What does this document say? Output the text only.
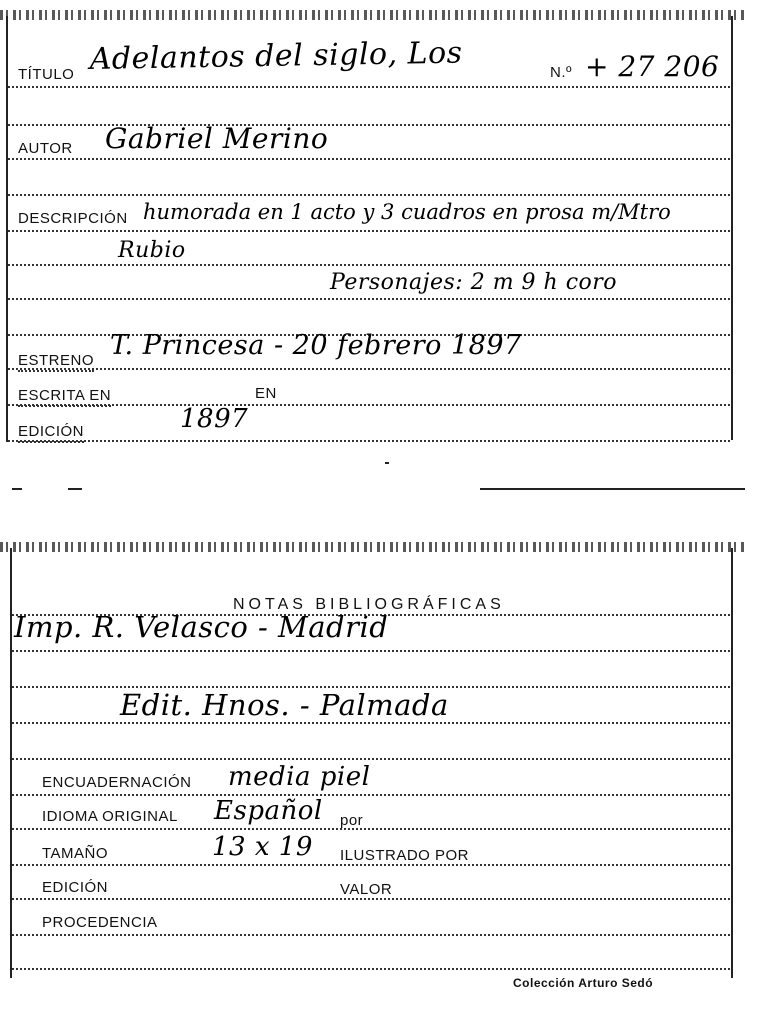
TÍTULO Adelantos del siglo, Los	N.º + 27 206
AUTOR Gabriel Merino
DESCRIPCIÓN humorada en 1 acto y 3 cuadros en prosa m/Mtro
Rubio
Personajes: 2 m 9 h coro
ESTRENO T. Princesa - 20 febrero 1897
ESCRITA EN	EN
EDICIÓN	1897
NOTAS BIBLIOGRÁFICAS
Imp. R. Velasco - Madrid
Edit. Hnos. - Palmada
ENCUADERNACIÓN media piel
IDIOMA ORIGINAL Español por
TAMAÑO	13 x 19 ILUSTRADO POR
EDICIÓN	VALOR
PROCEDENCIA
Colección Arturo Sedó
